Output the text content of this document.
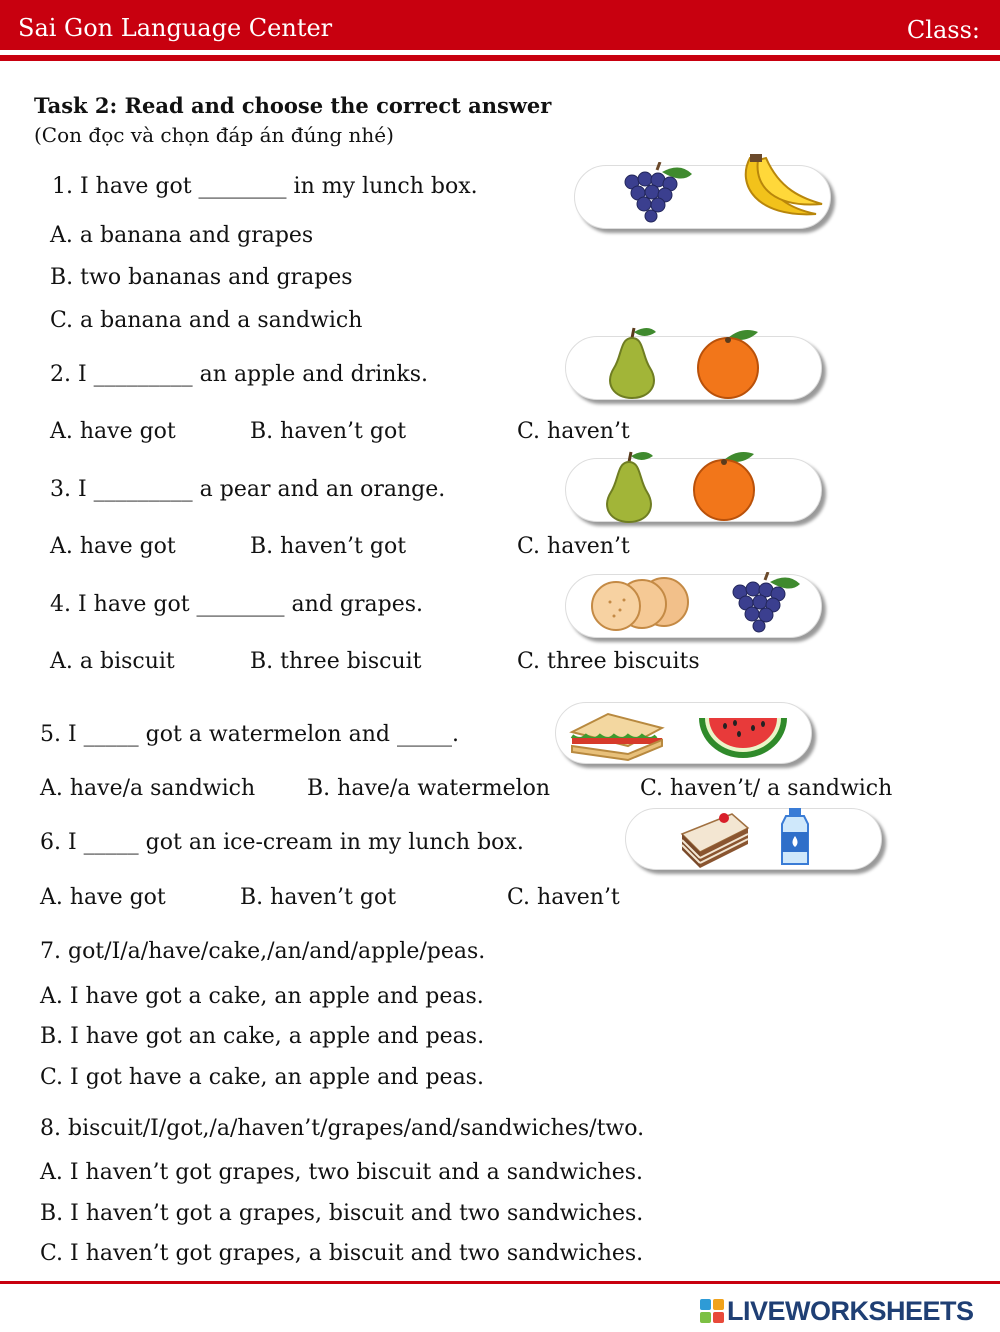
Sai Gon Language Center	Class:
Task 2: Read and choose the correct answer
(Con đọc và chọn đáp án đúng nhé)
1. I have got ________ in my lunch box.
A. a banana and grapes
B. two bananas and grapes
C. a banana and a sandwich
2. I _________ an apple and drinks.
A. have got	B. haven’t got	C. haven’t
3. I _________ a pear and an orange.
A. have got	B. haven’t got	C. haven’t
4. I have got ________ and grapes.
A. a biscuit	B. three biscuit	C. three biscuits
5. I _____ got a watermelon and _____.
A. have/a sandwich B. have/a watermelon	C. haven’t/ a sandwich
6. I _____ got an ice-cream in my lunch box.
A. have got	B. haven’t got	C. haven’t
7. got/I/a/have/cake,/an/and/apple/peas.
A. I have got a cake, an apple and peas.
B. I have got an cake, a apple and peas.
C. I got have a cake, an apple and peas.
8. biscuit/I/got,/a/haven’t/grapes/and/sandwiches/two.
A. I haven’t got grapes, two biscuit and a sandwiches.
B. I haven’t got a grapes, biscuit and two sandwiches.
C. I haven’t got grapes, a biscuit and two sandwiches.
LIVEWORKSHEETS
